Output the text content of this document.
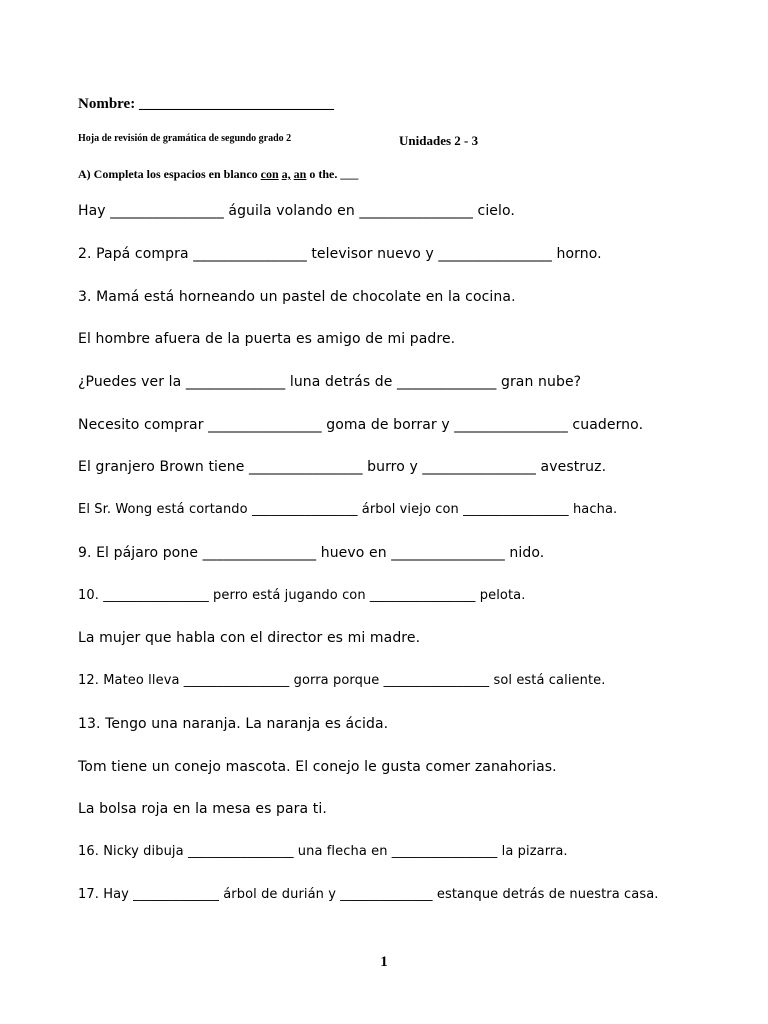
Nombre: __________________________
Hoja de revisión de gramática de segundo grado 2	Unidades 2 - 3
A) Completa los espacios en blanco con a, an o the. ___
Hay ________________ águila volando en ________________ cielo.
2. Papá compra ________________ televisor nuevo y ________________ horno.
3. Mamá está horneando un pastel de chocolate en la cocina.
El hombre afuera de la puerta es amigo de mi padre.
¿Puedes ver la ______________ luna detrás de ______________ gran nube?
Necesito comprar ________________ goma de borrar y ________________ cuaderno.
El granjero Brown tiene ________________ burro y ________________ avestruz.
El Sr. Wong está cortando ________________ árbol viejo con ________________ hacha.
9. El pájaro pone ________________ huevo en ________________ nido.
10. ________________ perro está jugando con ________________ pelota.
La mujer que habla con el director es mi madre.
12. Mateo lleva ________________ gorra porque ________________ sol está caliente.
13. Tengo una naranja. La naranja es ácida.
Tom tiene un conejo mascota. El conejo le gusta comer zanahorias.
La bolsa roja en la mesa es para ti.
16. Nicky dibuja ________________ una flecha en ________________ la pizarra.
17. Hay _____________ árbol de durián y ______________ estanque detrás de nuestra casa.
1
